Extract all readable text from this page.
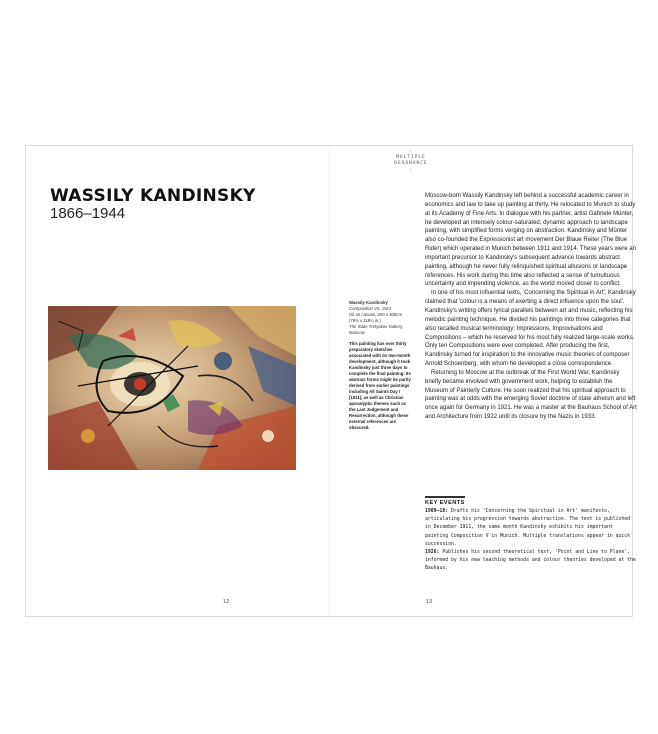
·
MULTIPLE RESONANCE
·
WASSILY KANDINSKY

1866–1944

Wassily Kandinsky

Composition VII, 1913

Oil on canvas, 200 x 300cm (78¾ x 118¼ in.)

The State Tretyakov Gallery, Moscow

This painting has over thirty preparatory sketches associated with its two-month development, although it took Kandinsky just three days to complete the final painting. Its abstract forms might be partly derived from earlier paintings including All Saints Day I (1911), as well as Christian apocalyptic themes such as the Last Judgement and Resurrection, although these external references are obscured.

Moscow-born Wassily Kandinsky left behind a successful academic career in economics and law to take up painting at thirty. He relocated to Munich to study at its Academy of Fine Arts. In dialogue with his partner, artist Gabriele Münter, he developed an intensely colour-saturated, dynamic approach to landscape painting, with simplified forms verging on abstraction. Kandinsky and Münter also co-founded the Expressionist art movement Der Blaue Reiter (The Blue Rider) which operated in Munich between 1911 and 1914. These years were an important precursor to Kandinsky's subsequent advance towards abstract painting, although he never fully relinquished spiritual allusions or landscape references. His work during this time also reflected a sense of tumultuous uncertainty and impending violence, as the world moved closer to conflict.

In one of his most influential texts, 'Concerning the Spiritual in Art', Kandinsky claimed that 'colour is a means of exerting a direct influence upon the soul'. Kandinsky's writing offers lyrical parallels between art and music, reflecting his melodic painting technique. He divided his paintings into three categories that also recalled musical terminology: Impressions, Improvisations and Compositions – which he reserved for his most fully realized large-scale works. Only ten Compositions were ever completed. After producing the first, Kandinsky turned for inspiration to the innovative music theories of composer Arnold Schoenberg, with whom he developed a close correspondence.

Returning to Moscow at the outbreak of the First World War, Kandinsky briefly became involved with government work, helping to establish the Museum of Painterly Culture. He soon realized that his spiritual approach to painting was at odds with the emerging Soviet doctrine of state atheism and left once again for Germany in 1921. He was a master at the Bauhaus School of Art and Architecture from 1922 until its closure by the Nazis in 1933.

KEY EVENTS

1909–10: Drafts his 'Concerning the Spiritual in Art' manifesto, articulating his progression towards abstraction. The text is published in December 1911, the same month Kandinsky exhibits his important painting Composition V in Munich. Multiple translations appear in quick succession.
1926: Publishes his second theoretical text, 'Point and Line to Plane', informed by his new teaching methods and colour theories developed at the Bauhaus.
12	13
